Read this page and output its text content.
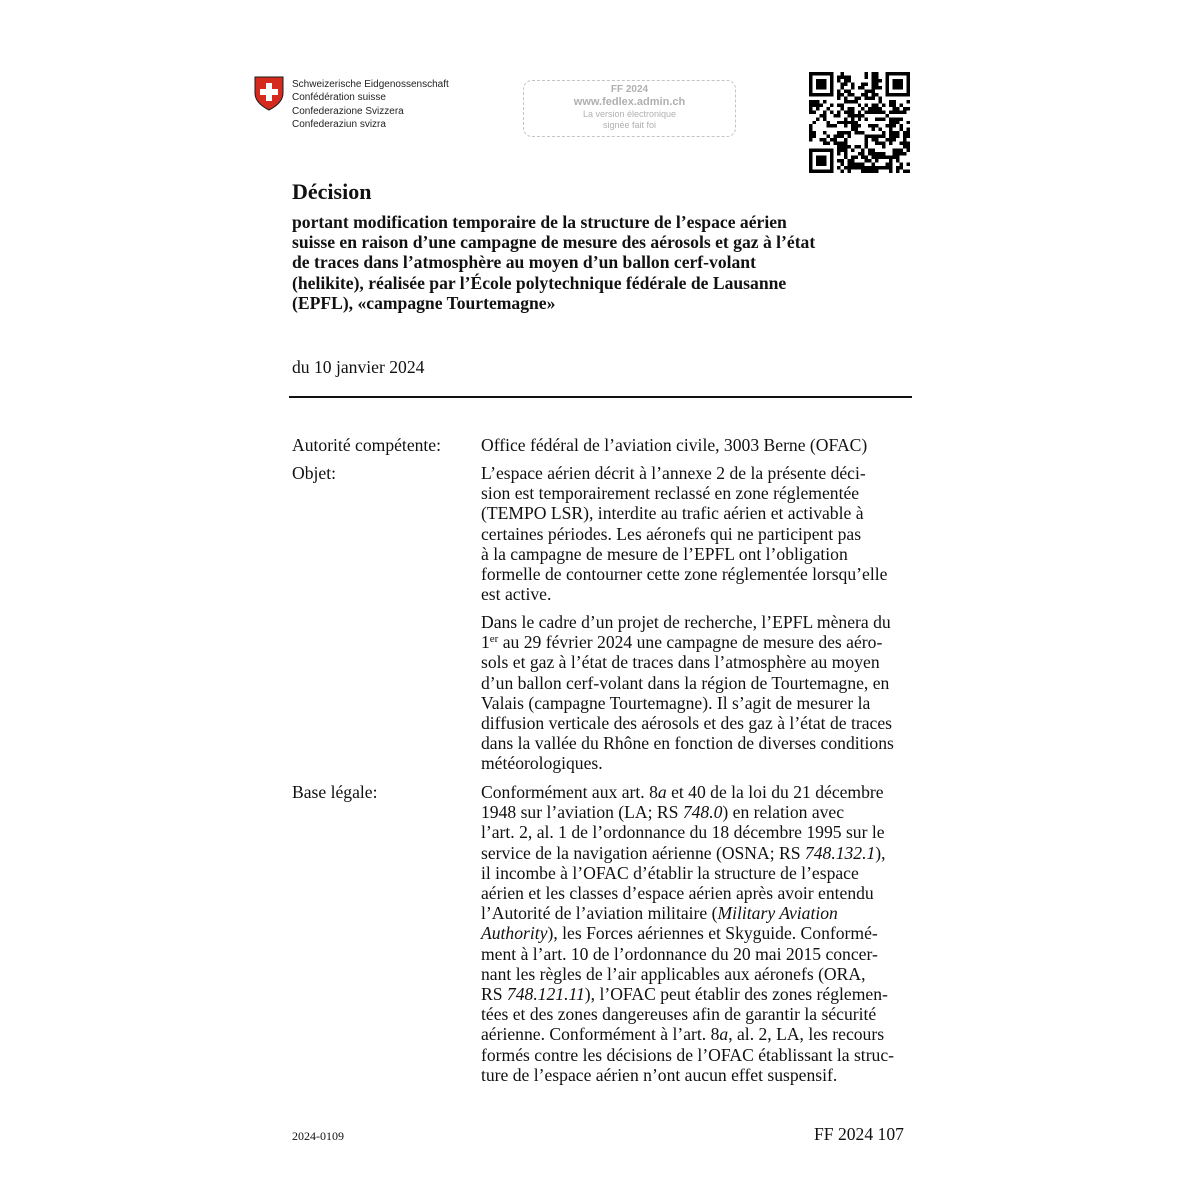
Schweizerische Eidgenossenschaft
Confédération suisse
Confederazione Svizzera
Confederaziun svizra
FF 2024
www.fedlex.admin.ch
La version électronique
signée fait foi
Décision
portant modification temporaire de la structure de l’espace aérien
suisse en raison d’une campagne de mesure des aérosols et gaz à l’état
de traces dans l’atmosphère au moyen d’un ballon cerf-volant
(helikite), réalisée par l’École polytechnique fédérale de Lausanne
(EPFL), «campagne Tourtemagne»
du 10 janvier 2024
Autorité compétente: Office fédéral de l’aviation civile, 3003 Berne (OFAC)
Objet:	L’espace aérien décrit à l’annexe 2 de la présente déci-
sion est temporairement reclassé en zone réglementée
(TEMPO LSR), interdite au trafic aérien et activable à
certaines périodes. Les aéronefs qui ne participent pas
à la campagne de mesure de l’EPFL ont l’obligation
formelle de contourner cette zone réglementée lorsqu’elle
est active.
Dans le cadre d’un projet de recherche, l’EPFL mènera du
1er au 29 février 2024 une campagne de mesure des aéro-
sols et gaz à l’état de traces dans l’atmosphère au moyen
d’un ballon cerf-volant dans la région de Tourtemagne, en
Valais (campagne Tourtemagne). Il s’agit de mesurer la
diffusion verticale des aérosols et des gaz à l’état de traces
dans la vallée du Rhône en fonction de diverses conditions
météorologiques.
Base légale:	Conformément aux art. 8a et 40 de la loi du 21 décembre
1948 sur l’aviation (LA; RS 748.0) en relation avec
l’art. 2, al. 1 de l’ordonnance du 18 décembre 1995 sur le
service de la navigation aérienne (OSNA; RS 748.132.1),
il incombe à l’OFAC d’établir la structure de l’espace
aérien et les classes d’espace aérien après avoir entendu
l’Autorité de l’aviation militaire (Military Aviation
Authority), les Forces aériennes et Skyguide. Conformé-
ment à l’art. 10 de l’ordonnance du 20 mai 2015 concer-
nant les règles de l’air applicables aux aéronefs (ORA,
RS 748.121.11), l’OFAC peut établir des zones réglemen-
tées et des zones dangereuses afin de garantir la sécurité
aérienne. Conformément à l’art. 8a, al. 2, LA, les recours
formés contre les décisions de l’OFAC établissant la struc-
ture de l’espace aérien n’ont aucun effet suspensif.
2024-0109	FF 2024 107
